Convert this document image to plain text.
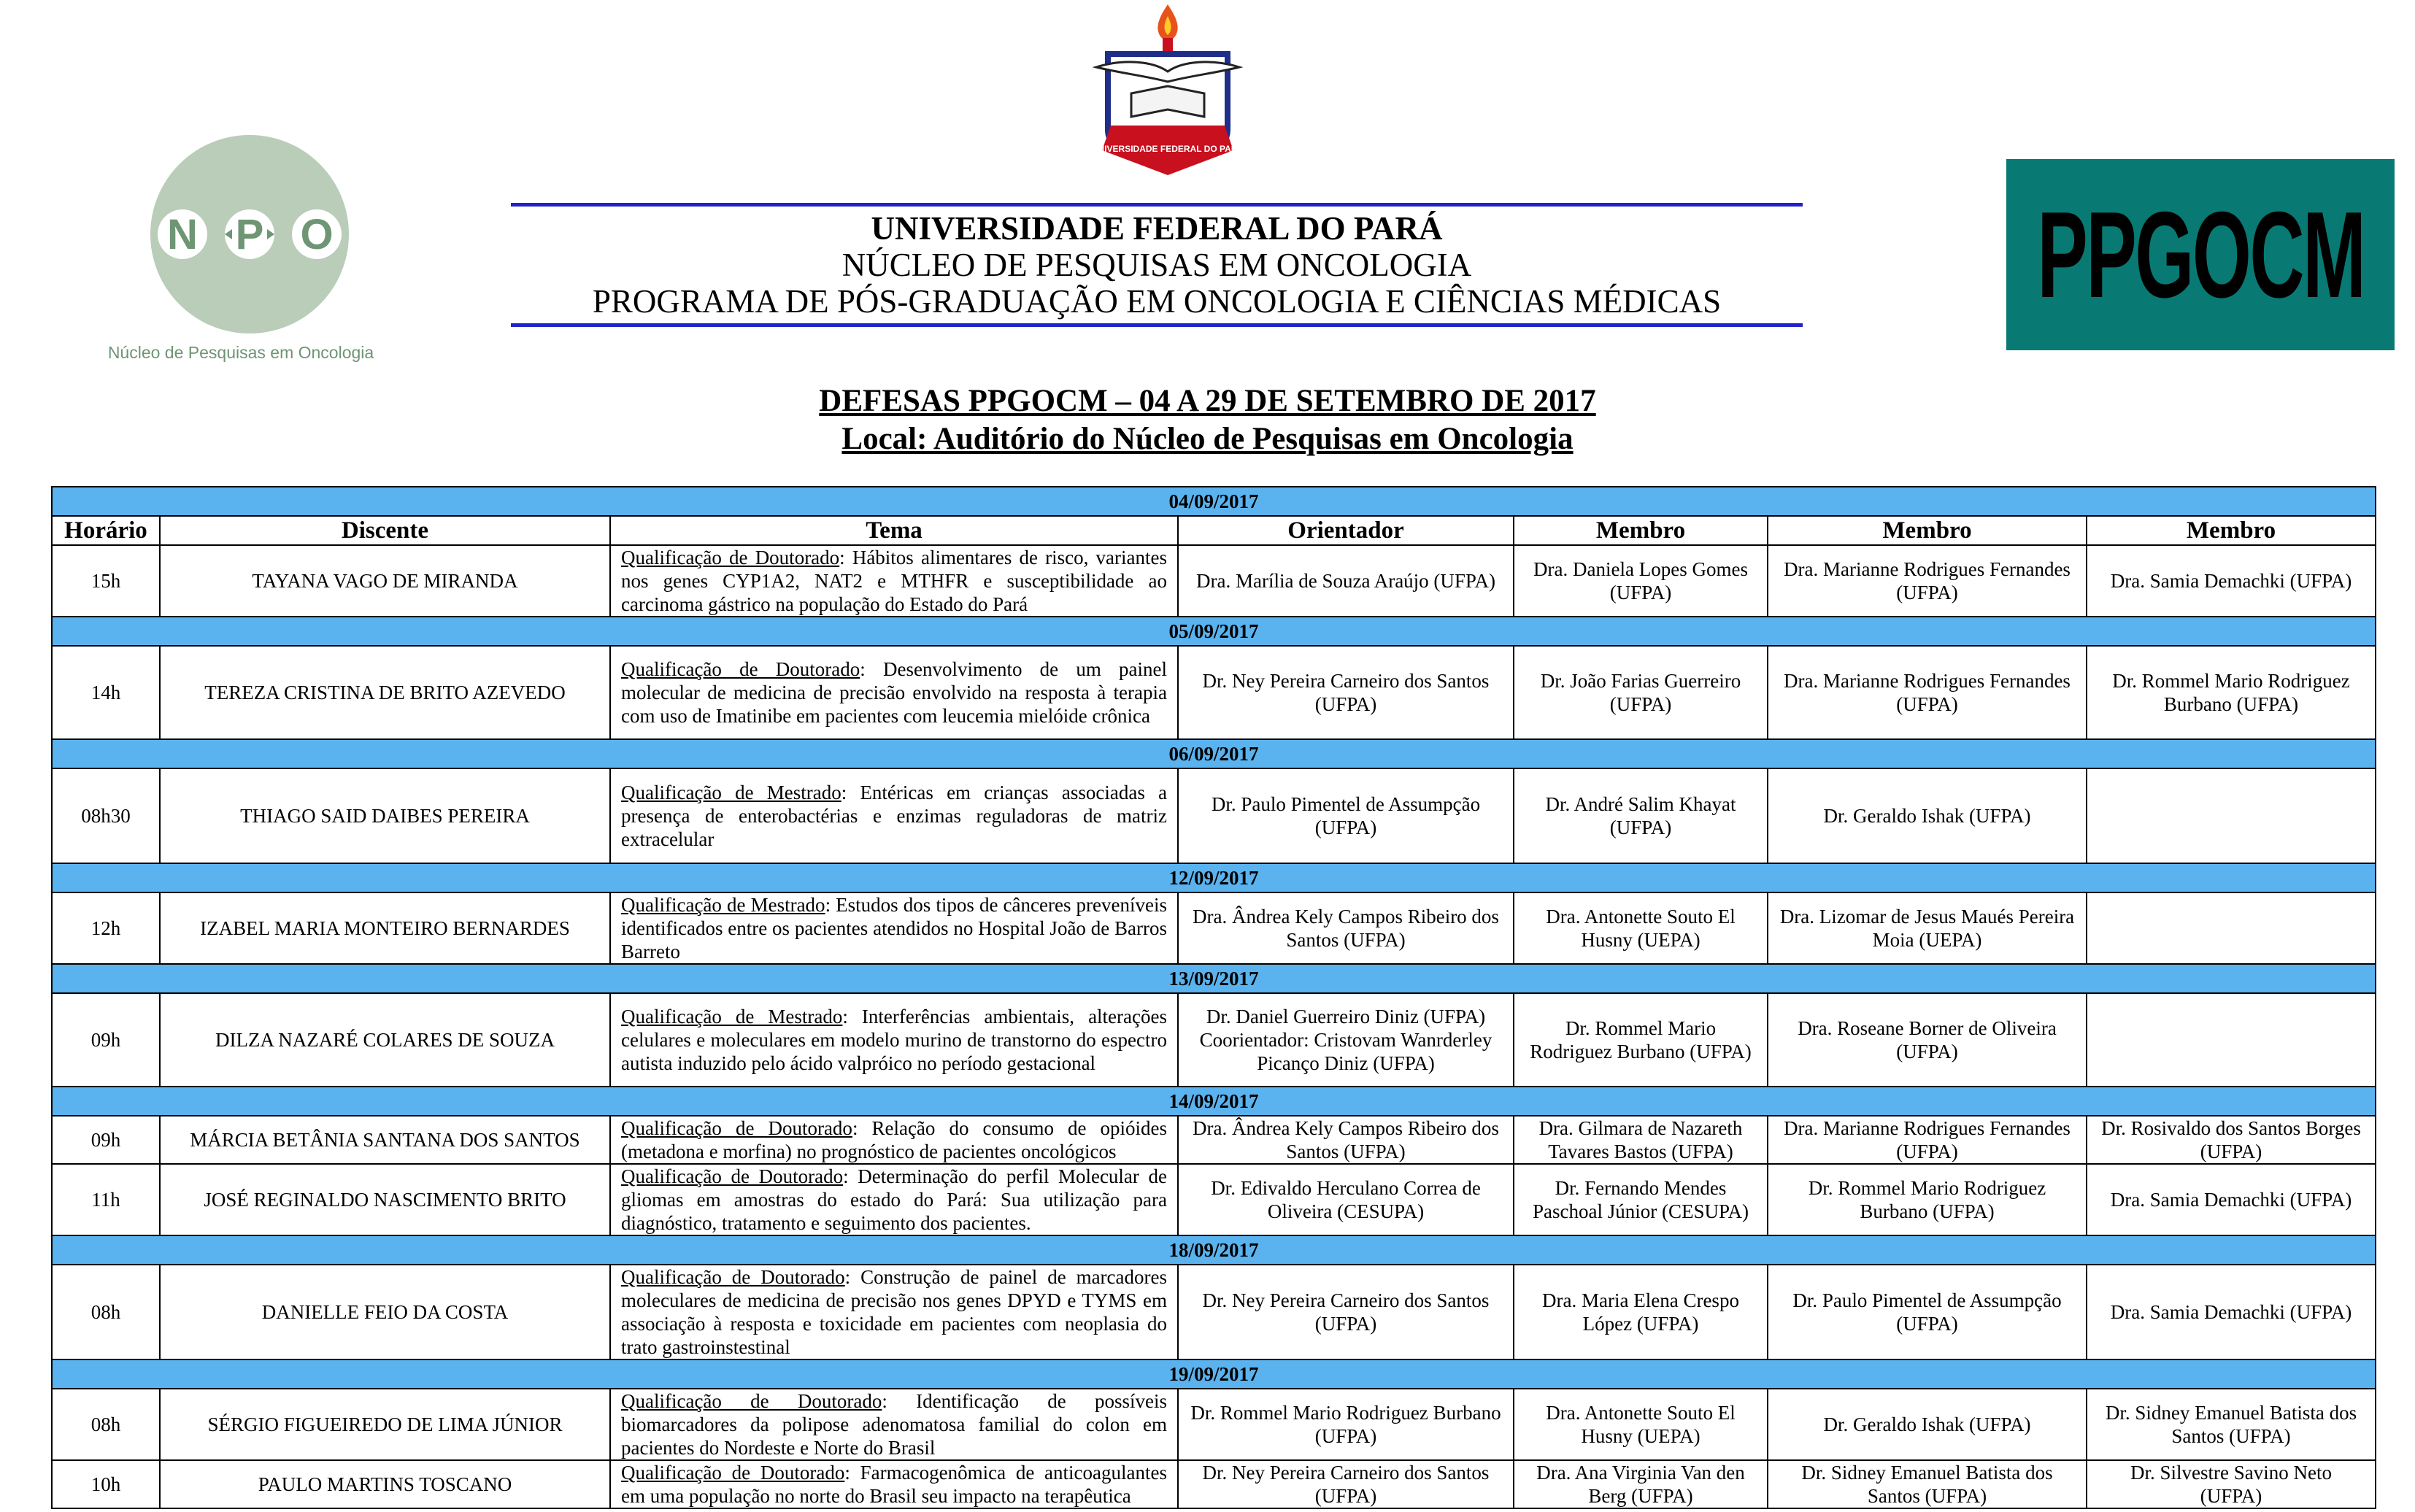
N P O
Núcleo de Pesquisas em Oncologia
UNIVERSIDADE FEDERAL DO PARÁ
UNIVERSIDADE FEDERAL DO PARÁ
NÚCLEO DE PESQUISAS EM ONCOLOGIA
PROGRAMA DE PÓS-GRADUAÇÃO EM ONCOLOGIA E CIÊNCIAS MÉDICAS	PPGOCM
DEFESAS PPGOCM – 04 A 29 DE SETEMBRO DE 2017
Local: Auditório do Núcleo de Pesquisas em Oncologia
04/09/2017						
Horário	Discente	Tema	Orientador	Membro	Membro	Membro
15h	TAYANA VAGO DE MIRANDA	Qualificação de Doutorado: Hábitos alimentares de risco, variantes nos genes CYP1A2, NAT2 e MTHFR e susceptibilidade ao carcinoma gástrico na população do Estado do Pará	Dra. Marília de Souza Araújo (UFPA)	Dra. Daniela Lopes Gomes (UFPA)	Dra. Marianne Rodrigues Fernandes (UFPA)	Dra. Samia Demachki (UFPA)
05/09/2017						
14h	TEREZA CRISTINA DE BRITO AZEVEDO	Qualificação de Doutorado: Desenvolvimento de um painel molecular de medicina de precisão envolvido na resposta à terapia com uso de Imatinibe em pacientes com leucemia mielóide crônica	Dr. Ney Pereira Carneiro dos Santos (UFPA)	Dr. João Farias Guerreiro (UFPA)	Dra. Marianne Rodrigues Fernandes (UFPA)	Dr. Rommel Mario Rodriguez Burbano (UFPA)
06/09/2017						
08h30	THIAGO SAID DAIBES PEREIRA	Qualificação de Mestrado: Entéricas em crianças associadas a presença de enterobactérias e enzimas reguladoras de matriz extracelular	Dr. Paulo Pimentel de Assumpção (UFPA)	Dr. André Salim Khayat (UFPA)	Dr. Geraldo Ishak (UFPA)	
12/09/2017						
12h	IZABEL MARIA MONTEIRO BERNARDES	Qualificação de Mestrado: Estudos dos tipos de cânceres preveníveis identificados entre os pacientes atendidos no Hospital João de Barros Barreto	Dra. Ândrea Kely Campos Ribeiro dos Santos (UFPA)	Dra. Antonette Souto El Husny (UEPA)	Dra. Lizomar de Jesus Maués Pereira Moia (UEPA)	
13/09/2017						
09h	DILZA NAZARÉ COLARES DE SOUZA	Qualificação de Mestrado: Interferências ambientais, alterações celulares e moleculares em modelo murino de transtorno do espectro autista induzido pelo ácido valpróico no período gestacional	Dr. Daniel Guerreiro Diniz (UFPA) Coorientador: Cristovam Wanrderley Picanço Diniz (UFPA)	Dr. Rommel Mario Rodriguez Burbano (UFPA)	Dra. Roseane Borner de Oliveira (UFPA)	
14/09/2017						
09h	MÁRCIA BETÂNIA SANTANA DOS SANTOS	Qualificação de Doutorado: Relação do consumo de opióides (metadona e morfina) no prognóstico de pacientes oncológicos	Dra. Ândrea Kely Campos Ribeiro dos Santos (UFPA)	Dra. Gilmara de Nazareth Tavares Bastos (UFPA)	Dra. Marianne Rodrigues Fernandes (UFPA)	Dr. Rosivaldo dos Santos Borges (UFPA)
11h	JOSÉ REGINALDO NASCIMENTO BRITO	Qualificação de Doutorado: Determinação do perfil Molecular de gliomas em amostras do estado do Pará: Sua utilização para diagnóstico, tratamento e seguimento dos pacientes.	Dr. Edivaldo Herculano Correa de Oliveira (CESUPA)	Dr. Fernando Mendes Paschoal Júnior (CESUPA)	Dr. Rommel Mario Rodriguez Burbano (UFPA)	Dra. Samia Demachki (UFPA)
18/09/2017						
08h	DANIELLE FEIO DA COSTA	Qualificação de Doutorado: Construção de painel de marcadores moleculares de medicina de precisão nos genes DPYD e TYMS em associação à resposta e toxicidade em pacientes com neoplasia do trato gastroinstestinal	Dr. Ney Pereira Carneiro dos Santos (UFPA)	Dra. Maria Elena Crespo López (UFPA)	Dr. Paulo Pimentel de Assumpção (UFPA)	Dra. Samia Demachki (UFPA)
19/09/2017						
08h	SÉRGIO FIGUEIREDO DE LIMA JÚNIOR	Qualificação de Doutorado: Identificação de possíveis biomarcadores da polipose adenomatosa familial do colon em pacientes do Nordeste e Norte do Brasil	Dr. Rommel Mario Rodriguez Burbano (UFPA)	Dra. Antonette Souto El Husny (UEPA)	Dr. Geraldo Ishak (UFPA)	Dr. Sidney Emanuel Batista dos Santos (UFPA)
10h	PAULO MARTINS TOSCANO	Qualificação de Doutorado: Farmacogenômica de anticoagulantes em uma população no norte do Brasil seu impacto na terapêutica	Dr. Ney Pereira Carneiro dos Santos (UFPA)	Dra. Ana Virginia Van den Berg (UFPA)	Dr. Sidney Emanuel Batista dos Santos (UFPA)	Dr. Silvestre Savino Neto (UFPA)
